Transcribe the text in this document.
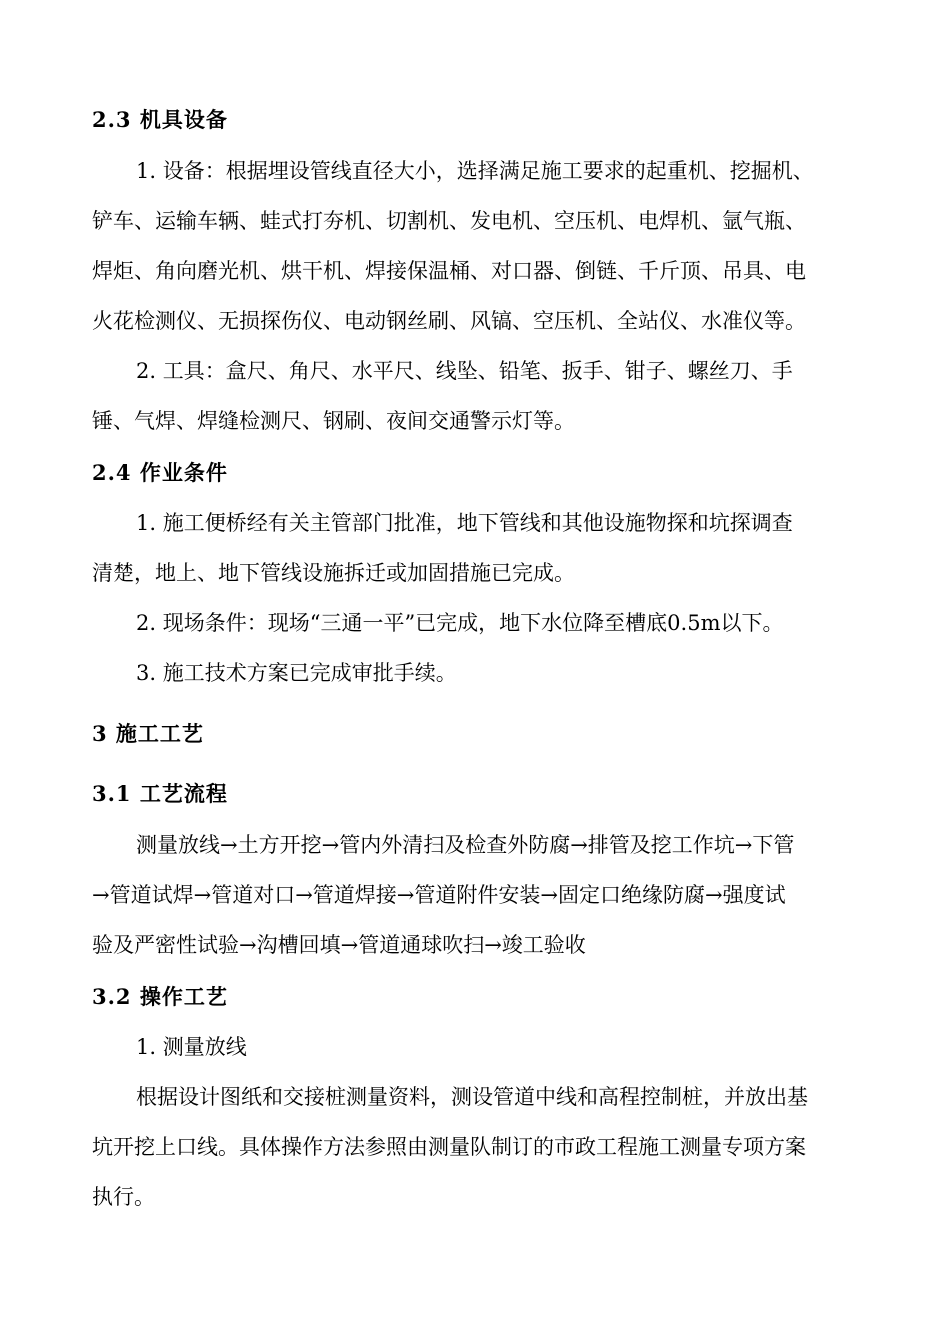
2.3 机具设备

1. 设备：根据埋设管线直径大小，选择满足施工要求的起重机、挖掘机、

铲车、运输车辆、蛙式打夯机、切割机、发电机、空压机、电焊机、氩气瓶、

焊炬、角向磨光机、烘干机、焊接保温桶、对口器、倒链、千斤顶、吊具、电

火花检测仪、无损探伤仪、电动钢丝刷、风镐、空压机、全站仪、水准仪等。

2. 工具：盒尺、角尺、水平尺、线坠、铅笔、扳手、钳子、螺丝刀、手

锤、气焊、焊缝检测尺、钢刷、夜间交通警示灯等。

2.4 作业条件

1. 施工便桥经有关主管部门批准，地下管线和其他设施物探和坑探调查

清楚，地上、地下管线设施拆迁或加固措施已完成。

2. 现场条件：现场“三通一平”已完成，地下水位降至槽底0.5m以下。

3. 施工技术方案已完成审批手续。

3 施工工艺

3.1 工艺流程

测量放线→土方开挖→管内外清扫及检查外防腐→排管及挖工作坑→下管

→管道试焊→管道对口→管道焊接→管道附件安装→固定口绝缘防腐→强度试

验及严密性试验→沟槽回填→管道通球吹扫→竣工验收

3.2 操作工艺

1. 测量放线

根据设计图纸和交接桩测量资料，测设管道中线和高程控制桩，并放出基

坑开挖上口线。具体操作方法参照由测量队制订的市政工程施工测量专项方案

执行。
